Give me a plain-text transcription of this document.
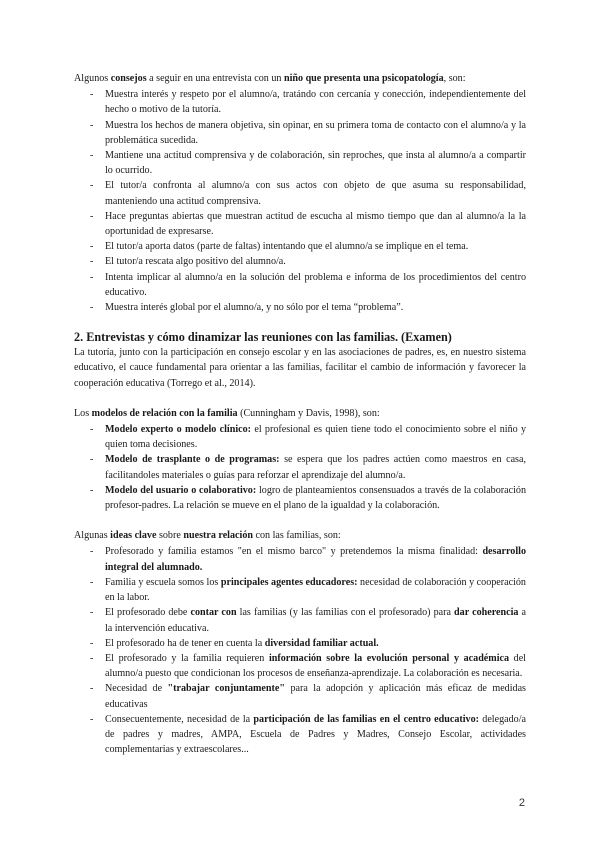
Algunos consejos a seguir en una entrevista con un niño que presenta una psicopatología, son:

- Muestra interés y respeto por el alumno/a, tratándo con cercanía y conección, independientemente del hecho o motivo de la tutoría.
- Muestra los hechos de manera objetiva, sin opinar, en su primera toma de contacto con el alumno/a y la problemática sucedida.
- Mantiene una actitud comprensiva y de colaboración, sin reproches, que insta al alumno/a a compartir lo ocurrido.
- El tutor/a confronta al alumno/a con sus actos con objeto de que asuma su responsabilidad, manteniendo una actitud comprensiva.
- Hace preguntas abiertas que muestran actitud de escucha al mismo tiempo que dan al alumno/a la la oportunidad de expresarse.
- El tutor/a aporta datos (parte de faltas) intentando que el alumno/a se implique en el tema.
- El tutor/a rescata algo positivo del alumno/a.
- Intenta implicar al alumno/a en la solución del problema e informa de los procedimientos del centro educativo.
- Muestra interés global por el alumno/a, y no sólo por el tema “problema”.
2. Entrevistas y cómo dinamizar las reuniones con las familias. (Examen)

La tutoría, junto con la participación en consejo escolar y en las asociaciones de padres, es, en nuestro sistema educativo, el cauce fundamental para orientar a las familias, facilitar el cambio de información y favorecer la cooperación educativa (Torrego et al., 2014).

Los modelos de relación con la familia (Cunningham y Davis, 1998), son:

- Modelo experto o modelo clínico: el profesional es quien tiene todo el conocimiento sobre el niño y quien toma decisiones.
- Modelo de trasplante o de programas: se espera que los padres actúen como maestros en casa, facilitandoles materiales o guías para reforzar el aprendizaje del alumno/a.
- Modelo del usuario o colaborativo: logro de planteamientos consensuados a través de la colaboración profesor-padres. La relación se mueve en el plano de la igualdad y la colaboración.

Algunas ideas clave sobre nuestra relación con las familias, son:

- Profesorado y familia estamos "en el mismo barco" y pretendemos la misma finalidad: desarrollo integral del alumnado.
- Familia y escuela somos los principales agentes educadores: necesidad de colaboración y cooperación en la labor.
- El profesorado debe contar con las familias (y las familias con el profesorado) para dar coherencia a la intervención educativa.
- El profesorado ha de tener en cuenta la diversidad familiar actual.
- El profesorado y la familia requieren información sobre la evolución personal y académica del alumno/a puesto que condicionan los procesos de enseñanza-aprendizaje. La colaboración es necesaria.
- Necesidad de "trabajar conjuntamente" para la adopción y aplicación más eficaz de medidas educativas
- Consecuentemente, necesidad de la participación de las familias en el centro educativo: delegado/a de padres y madres, AMPA, Escuela de Padres y Madres, Consejo Escolar, actividades complementarias y extraescolares...
2
